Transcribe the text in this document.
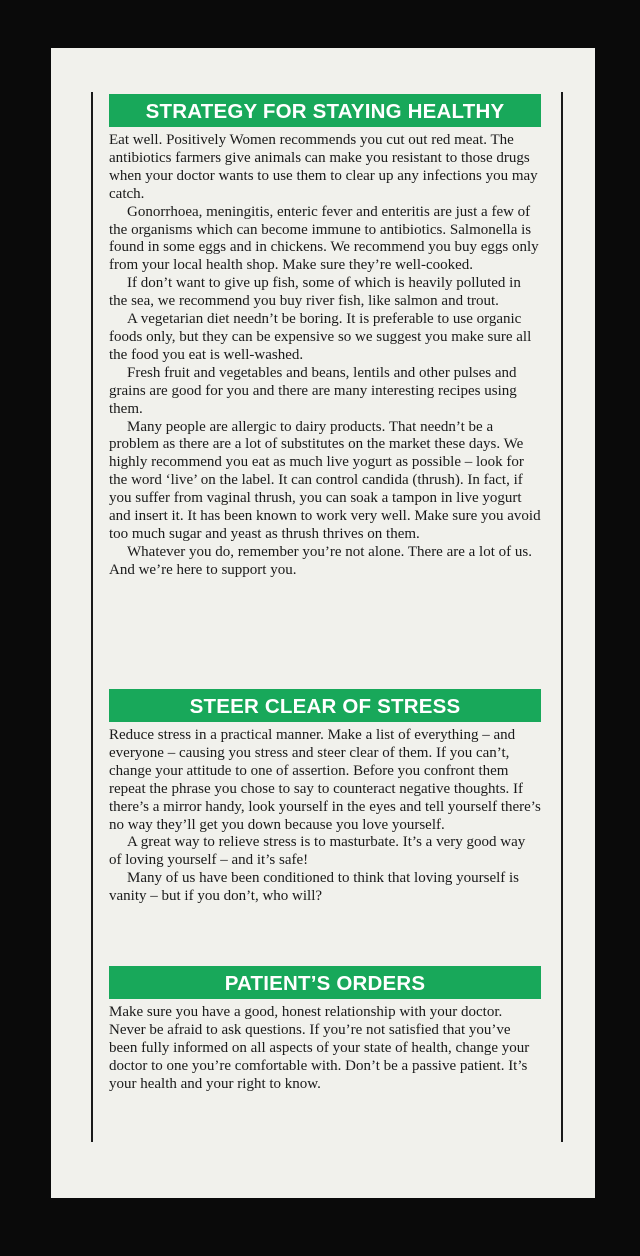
STRATEGY FOR STAYING HEALTHY

Eat well. Positively Women recommends you cut out red meat. The antibiotics farmers give animals can make you resistant to those drugs when your doctor wants to use them to clear up any infections you may catch.

Gonorrhoea, meningitis, enteric fever and enteritis are just a few of the organisms which can become immune to antibiotics. Salmonella is found in some eggs and in chickens. We recommend you buy eggs only from your local health shop. Make sure they’re well-cooked.

If don’t want to give up fish, some of which is heavily polluted in the sea, we recommend you buy river fish, like salmon and trout.

A vegetarian diet needn’t be boring. It is preferable to use organic foods only, but they can be expensive so we suggest you make sure all the food you eat is well-washed.

Fresh fruit and vegetables and beans, lentils and other pulses and grains are good for you and there are many interesting recipes using them.

Many people are allergic to dairy products. That needn’t be a problem as there are a lot of substitutes on the market these days. We highly recommend you eat as much live yogurt as possible – look for the word ‘live’ on the label. It can control candida (thrush). In fact, if you suffer from vaginal thrush, you can soak a tampon in live yogurt and insert it. It has been known to work very well. Make sure you avoid too much sugar and yeast as thrush thrives on them.

Whatever you do, remember you’re not alone. There are a lot of us. And we’re here to support you.

STEER CLEAR OF STRESS

Reduce stress in a practical manner. Make a list of everything – and everyone – causing you stress and steer clear of them. If you can’t, change your attitude to one of assertion. Before you confront them repeat the phrase you chose to say to counteract negative thoughts. If there’s a mirror handy, look yourself in the eyes and tell yourself there’s no way they’ll get you down because you love yourself.

A great way to relieve stress is to masturbate. It’s a very good way of loving yourself – and it’s safe!

Many of us have been conditioned to think that loving yourself is vanity – but if you don’t, who will?

PATIENT’S ORDERS

Make sure you have a good, honest relationship with your doctor. Never be afraid to ask questions. If you’re not satisfied that you’ve been fully informed on all aspects of your state of health, change your doctor to one you’re comfortable with. Don’t be a passive patient. It’s your health and your right to know.
